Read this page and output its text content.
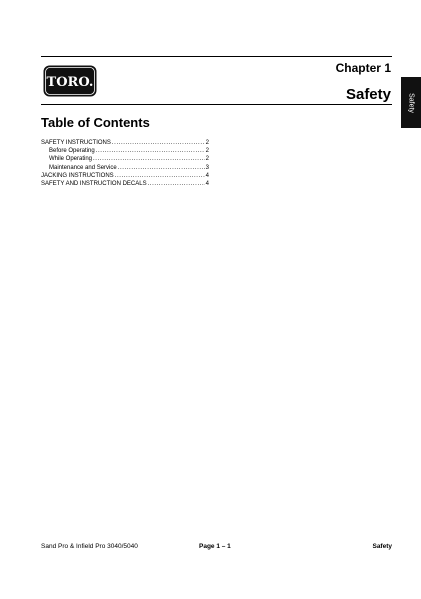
TORO.
Chapter 1
Safety Safety
Table of Contents
SAFETY INSTRUCTIONS .....	2
Before Operating .....	2
While Operating .....	2
Maintenance and Service .....	3
JACKING INSTRUCTIONS .....	4
SAFETY AND INSTRUCTION DECALS .....	4
Sand Pro & Infield Pro 3040/5040	Page 1 – 1	Safety
